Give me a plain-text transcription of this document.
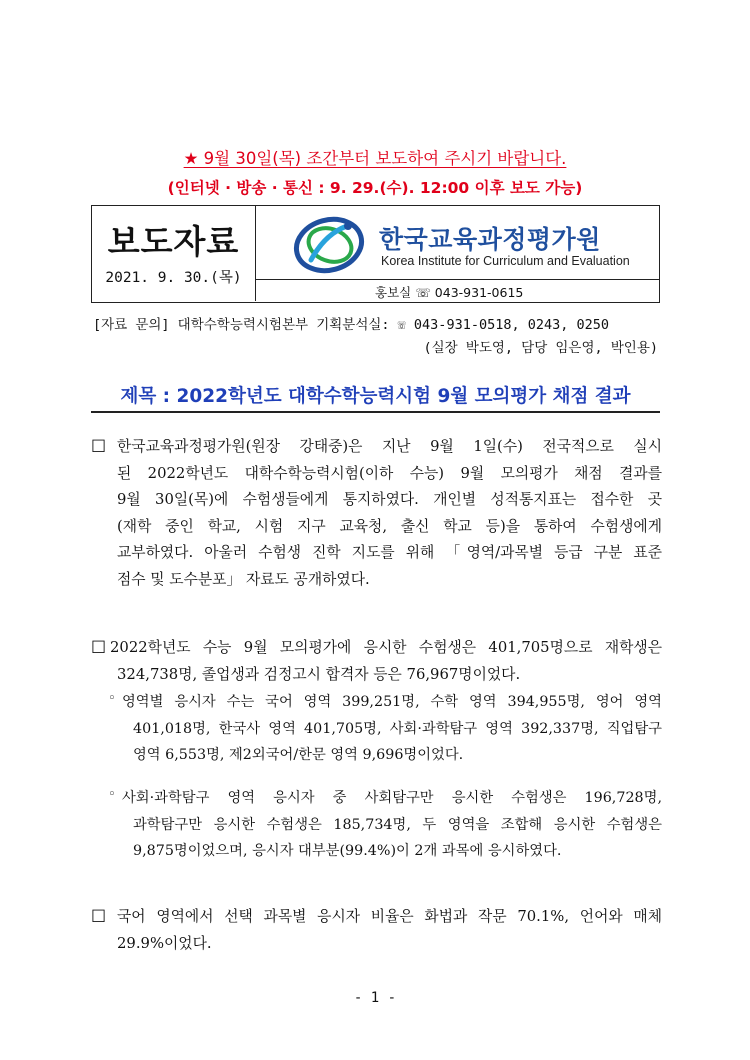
★ 9월 30일(목) 조간부터 보도하여 주시기 바랍니다.
(인터넷 · 방송 · 통신 : 9. 29.(수). 12:00 이후 보도 가능)
보도자료
2021. 9. 30.(목)
한국교육과정평가원
Korea Institute for Curriculum and Evaluation
홍보실 ☏ 043-931-0615
[자료 문의] 대학수학능력시험본부 기획분석실: ☏ 043-931-0518, 0243, 0250
(실장 박도영, 담당 임은영, 박인용)
제목 : 2022학년도 대학수학능력시험 9월 모의평가 채점 결과
□ 한국교육과정평가원(원장 강태중)은 지난 9월 1일(수) 전국적으로 실시
된 2022학년도 대학수학능력시험(이하 수능) 9월 모의평가 채점 결과를
9월 30일(목)에 수험생들에게 통지하였다. 개인별 성적통지표는 접수한 곳
(재학 중인 학교, 시험 지구 교육청, 출신 학교 등)을 통하여 수험생에게
교부하였다. 아울러 수험생 진학 지도를 위해 「영역/과목별 등급 구분 표준
점수 및 도수분포」 자료도 공개하였다.
□ 2022학년도 수능 9월 모의평가에 응시한 수험생은 401,705명으로 재학생은
324,738명, 졸업생과 검정고시 합격자 등은 76,967명이었다.
◦ 영역별 응시자 수는 국어 영역 399,251명, 수학 영역 394,955명, 영어 영역
401,018명, 한국사 영역 401,705명, 사회·과학탐구 영역 392,337명, 직업탐구
영역 6,553명, 제2외국어/한문 영역 9,696명이었다.
◦ 사회·과학탐구 영역 응시자 중 사회탐구만 응시한 수험생은 196,728명,
과학탐구만 응시한 수험생은 185,734명, 두 영역을 조합해 응시한 수험생은
9,875명이었으며, 응시자 대부분(99.4%)이 2개 과목에 응시하였다.
□ 국어 영역에서 선택 과목별 응시자 비율은 화법과 작문 70.1%, 언어와 매체
29.9%이었다.
- 1 -
